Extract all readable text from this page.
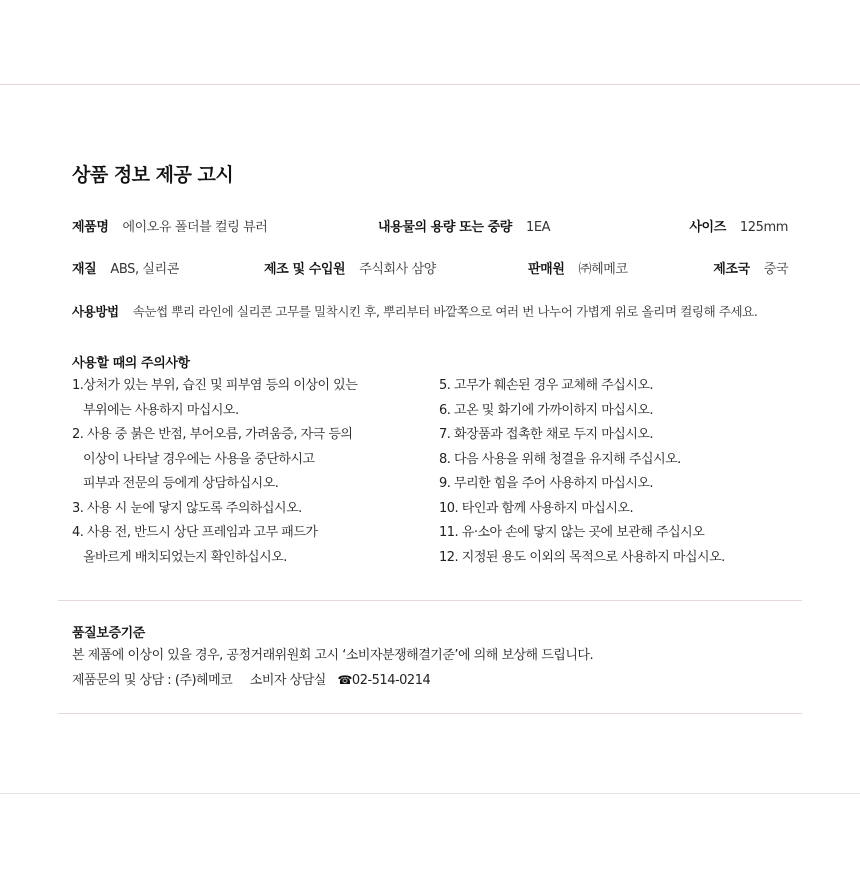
상품 정보 제공 고시
제품명 에이오유 폴더블 컬링 뷰러	내용물의 용량 또는 중량 1EA	사이즈 125mm
재질 ABS, 실리콘	제조 및 수입원 주식회사 삼양	판매원 ㈜헤메코	제조국 중국
사용방법 속눈썹 뿌리 라인에 실리콘 고무를 밀착시킨 후, 뿌리부터 바깥쪽으로 여러 번 나누어 가볍게 위로 올리며 컬링해 주세요.
사용할 때의 주의사항
1.상처가 있는 부위, 습진 및 피부염 등의 이상이 있는
부위에는 사용하지 마십시오.
2. 사용 중 붉은 반점, 부어오름, 가려움증, 자극 등의
이상이 나타날 경우에는 사용을 중단하시고
피부과 전문의 등에게 상담하십시오.
3. 사용 시 눈에 닿지 않도록 주의하십시오.
4. 사용 전, 반드시 상단 프레임과 고무 패드가
올바르게 배치되었는지 확인하십시오.
5. 고무가 훼손된 경우 교체해 주십시오.
6. 고온 및 화기에 가까이하지 마십시오.
7. 화장품과 접촉한 채로 두지 마십시오.
8. 다음 사용을 위해 청결을 유지해 주십시오.
9. 무리한 힘을 주어 사용하지 마십시오.
10. 타인과 함께 사용하지 마십시오.
11. 유·소아 손에 닿지 않는 곳에 보관해 주십시오
12. 지정된 용도 이외의 목적으로 사용하지 마십시오.
품질보증기준
본 제품에 이상이 있을 경우, 공정거래위원회 고시 ‘소비자분쟁해결기준’에 의해 보상해 드립니다.
제품문의 및 상담 : (주)헤메코 소비자 상담실 ☎02-514-0214
